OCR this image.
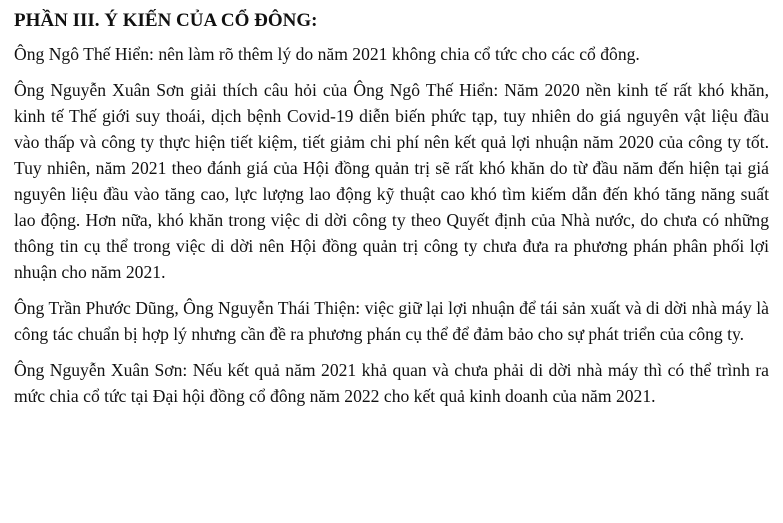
PHẦN III. Ý KIẾN CỦA CỔ ĐÔNG:

Ông Ngô Thế Hiển: nên làm rõ thêm lý do năm 2021 không chia cổ tức cho các cổ đông.

Ông Nguyễn Xuân Sơn giải thích câu hỏi của Ông Ngô Thế Hiển: Năm 2020 nền kinh tế rất khó khăn, kinh tế Thế giới suy thoái, dịch bệnh Covid-19 diễn biến phức tạp, tuy nhiên do giá nguyên vật liệu đầu vào thấp và công ty thực hiện tiết kiệm, tiết giảm chi phí nên kết quả lợi nhuận năm 2020 của công ty tốt. Tuy nhiên, năm 2021 theo đánh giá của Hội đồng quản trị sẽ rất khó khăn do từ đầu năm đến hiện tại giá nguyên liệu đầu vào tăng cao, lực lượng lao động kỹ thuật cao khó tìm kiếm dẫn đến khó tăng năng suất lao động. Hơn nữa, khó khăn trong việc di dời công ty theo Quyết định của Nhà nước, do chưa có những thông tin cụ thể trong việc di dời nên Hội đồng quản trị công ty chưa đưa ra phương phán phân phối lợi nhuận cho năm 2021.

Ông Trần Phước Dũng, Ông Nguyễn Thái Thiện: việc giữ lại lợi nhuận để tái sản xuất và di dời nhà máy là công tác chuẩn bị hợp lý nhưng cần đề ra phương phán cụ thể để đảm bảo cho sự phát triển của công ty.

Ông Nguyễn Xuân Sơn: Nếu kết quả năm 2021 khả quan và chưa phải di dời nhà máy thì có thể trình ra mức chia cổ tức tại Đại hội đồng cổ đông năm 2022 cho kết quả kinh doanh của năm 2021.
